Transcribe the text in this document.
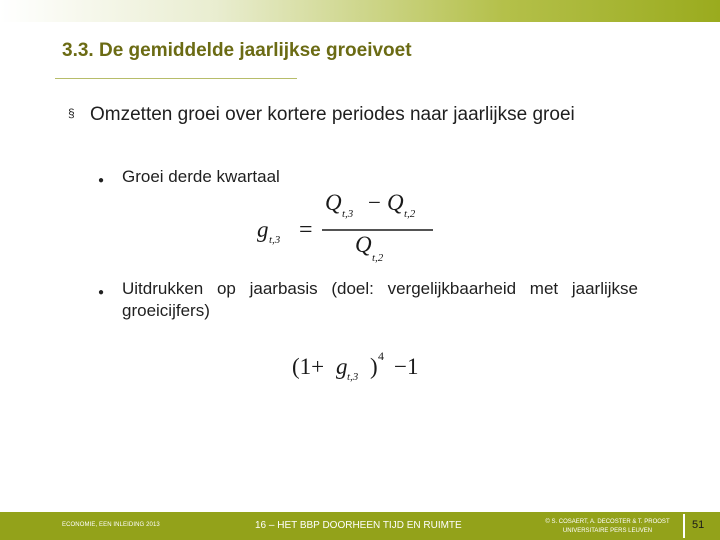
3.3. De gemiddelde jaarlijkse groeivoet
§ Omzetten groei over kortere periodes naar jaarlijkse groei
● Groei derde kwartaal
g t,3 =
Q t,3 − Q t,2
Q
t,2
● Uitdrukken op jaarbasis (doel: vergelijkbaarheid met jaarlijkse groeicijfers)
(1+ g t,3 ) 4 −1
ECONOMIE, EEN INLEIDING 2013	16 – HET BBP DOORHEEN TIJD EN RUIMTE	© S. COSAERT, A. DECOSTER & T. PROOST
UNIVERSITAIRE PERS LEUVEN	51
